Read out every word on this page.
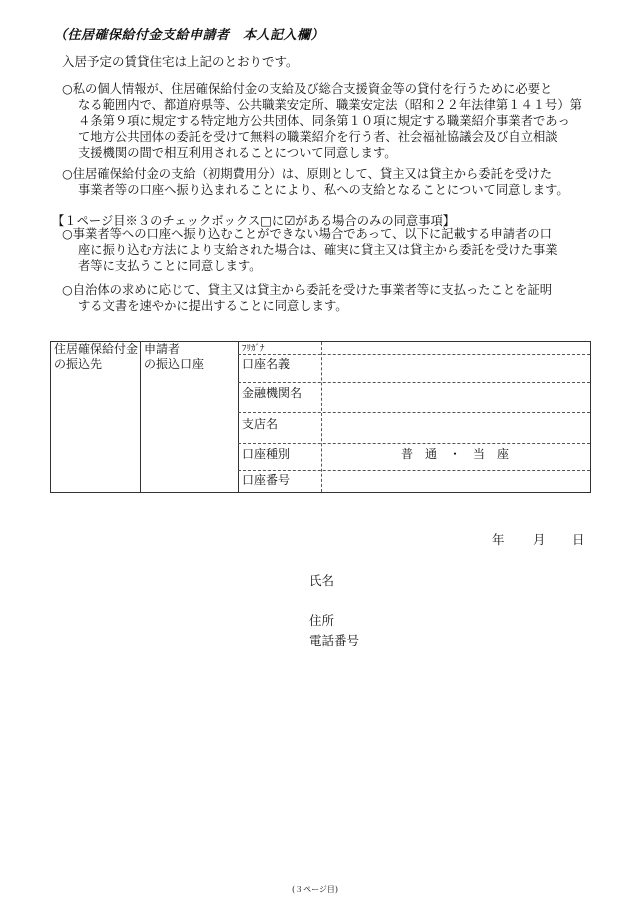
（住居確保給付金支給申請者　本人記入欄）
入居予定の賃貸住宅は上記のとおりです。
○私の個人情報が、住居確保給付金の支給及び総合支援資金等の貸付を行うために必要と
なる範囲内で、都道府県等、公共職業安定所、職業安定法（昭和２２年法律第１４１号）第
４条第９項に規定する特定地方公共団体、同条第１０項に規定する職業紹介事業者であっ
て地方公共団体の委託を受けて無料の職業紹介を行う者、社会福祉協議会及び自立相談
支援機関の間で相互利用されることについて同意します。
○住居確保給付金の支給（初期費用分）は、原則として、貸主又は貸主から委託を受けた
事業者等の口座へ振り込まれることにより、私への支給となることについて同意します。
【１ページ目※３のチェックボックス□に☑がある場合のみの同意事項】
○事業者等への口座へ振り込むことができない場合であって、以下に記載する申請者の口
座に振り込む方法により支給された場合は、確実に貸主又は貸主から委託を受けた事業
者等に支払うことに同意します。
○自治体の求めに応じて、貸主又は貸主から委託を受けた事業者等に支払ったことを証明
する文書を速やかに提出することに同意します。
住居確保給付金
の振込先
申請者
の振込口座
ﾌﾘｶﾞﾅ
口座名義
金融機関名
支店名
口座種別	普　通　・　当　座
口座番号
年 月 日
氏名
住所
電話番号
(３ページ目)
